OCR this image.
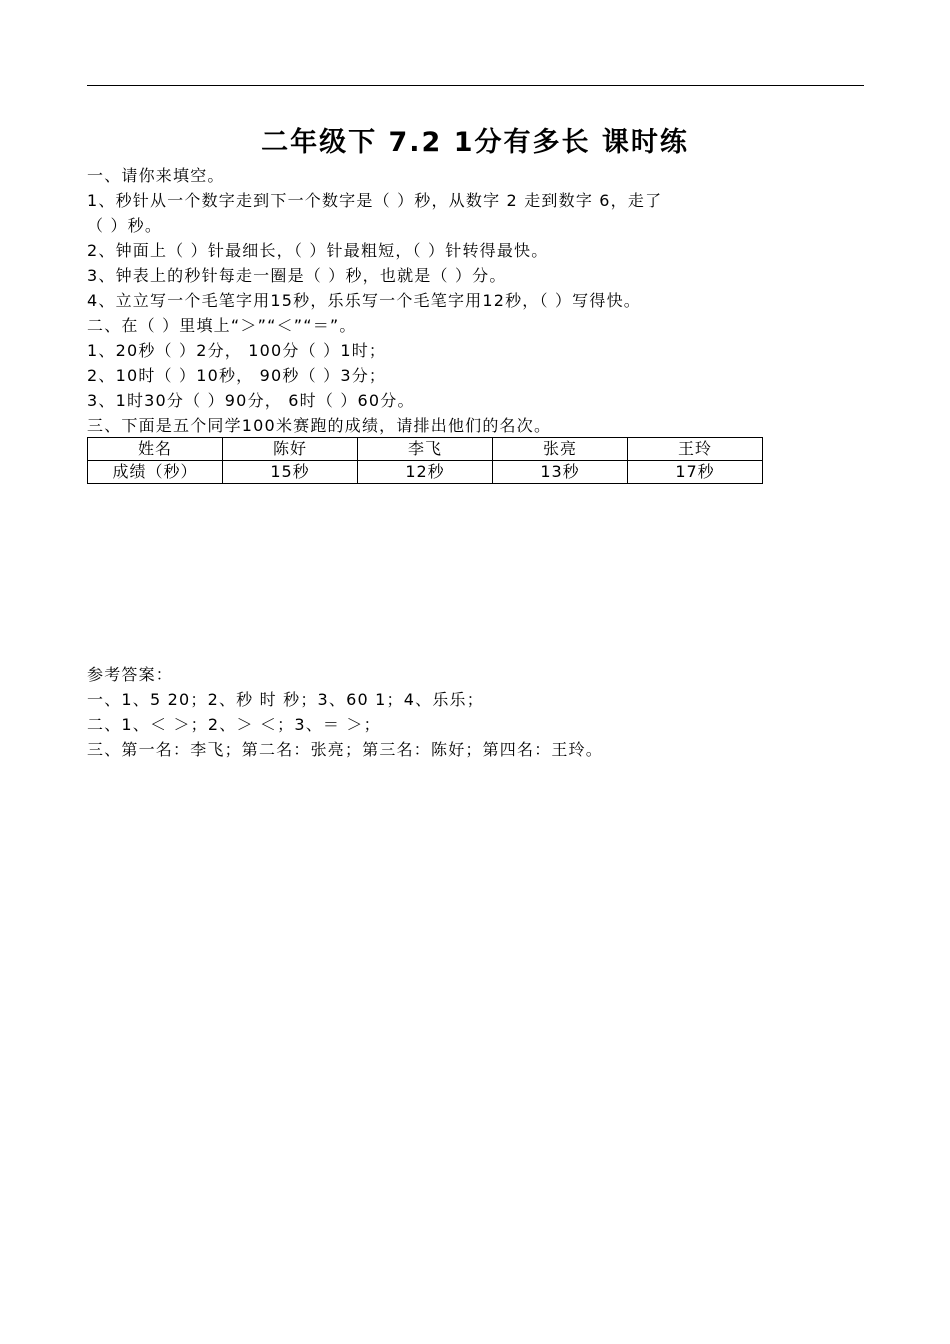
二年级下 7.2 1分有多长 课时练
一、请你来填空。
1、秒针从一个数字走到下一个数字是（ ）秒，从数字 2 走到数字 6，走了
（ ）秒。
2、钟面上（ ）针最细长，（ ）针最粗短，（ ）针转得最快。
3、钟表上的秒针每走一圈是（ ）秒，也就是（ ）分。
4、立立写一个毛笔字用15秒，乐乐写一个毛笔字用12秒，（ ）写得快。
二、在（ ）里填上“＞”“＜”“＝”。
1、20秒（ ）2分， 100分（ ）1时；
2、10时（ ）10秒， 90秒（ ）3分；
3、1时30分（ ）90分， 6时（ ）60分。
三、下面是五个同学100米赛跑的成绩，请排出他们的名次。
姓名	陈好	李飞	张亮	王玲
成绩（秒）	15秒	12秒	13秒	17秒
参考答案：
一、1、5 20；2、秒 时 秒；3、60 1；4、乐乐；
二、1、＜ ＞；2、＞ ＜；3、＝ ＞；
三、第一名：李飞；第二名：张亮；第三名：陈好；第四名：王玲。
